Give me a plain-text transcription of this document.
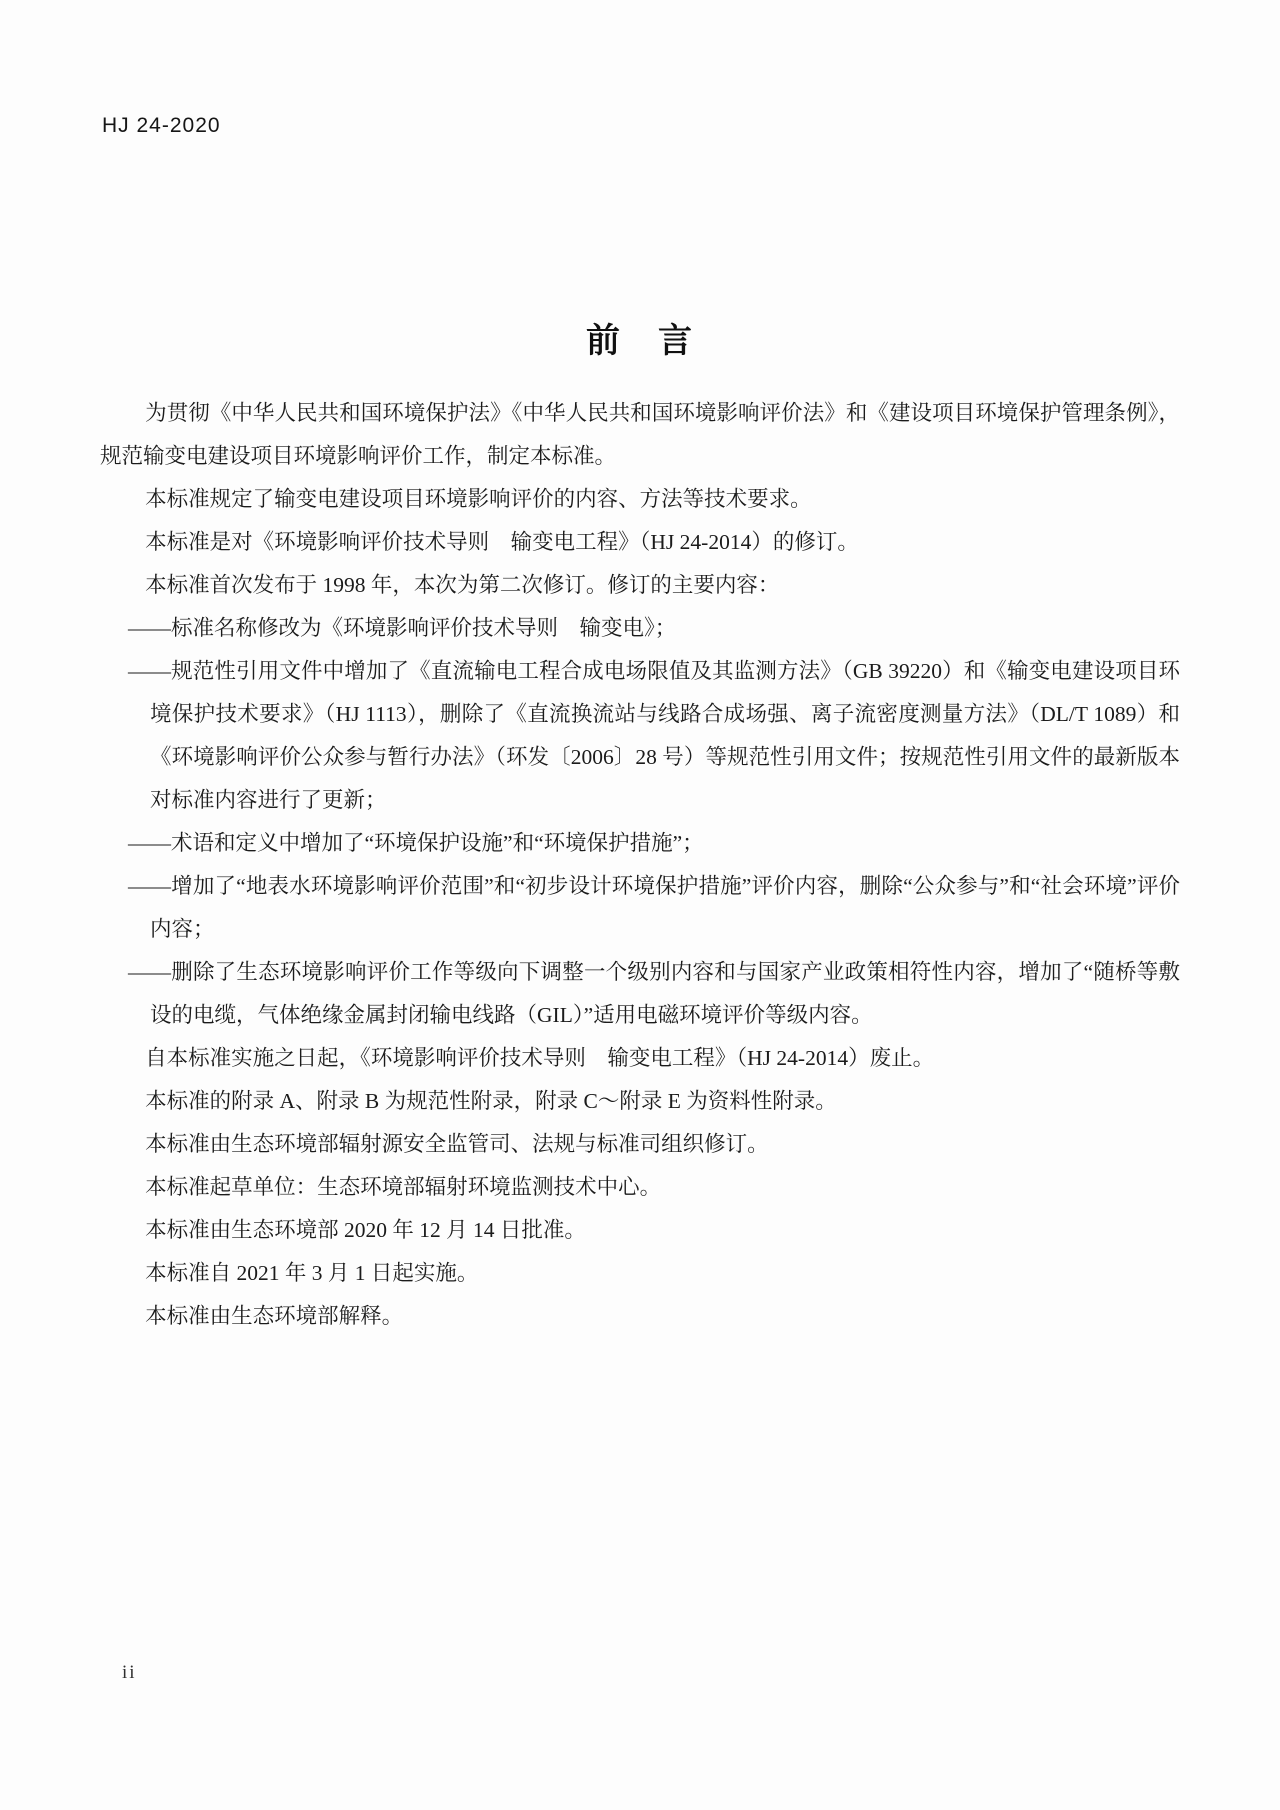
HJ 24-2020
前　言

为贯彻《中华人民共和国环境保护法》《中华人民共和国环境影响评价法》和《建设项目环境保护管理条例》，规范输变电建设项目环境影响评价工作，制定本标准。

本标准规定了输变电建设项目环境影响评价的内容、方法等技术要求。

本标准是对《环境影响评价技术导则　输变电工程》（HJ 24-2014）的修订。

本标准首次发布于 1998 年，本次为第二次修订。修订的主要内容：

——标准名称修改为《环境影响评价技术导则　输变电》；

——规范性引用文件中增加了《直流输电工程合成电场限值及其监测方法》（GB 39220）和《输变电建设项目环境保护技术要求》（HJ 1113），删除了《直流换流站与线路合成场强、离子流密度测量方法》（DL/T 1089）和《环境影响评价公众参与暂行办法》（环发〔2006〕28 号）等规范性引用文件；按规范性引用文件的最新版本对标准内容进行了更新；

——术语和定义中增加了“环境保护设施”和“环境保护措施”；

——增加了“地表水环境影响评价范围”和“初步设计环境保护措施”评价内容，删除“公众参与”和“社会环境”评价内容；

——删除了生态环境影响评价工作等级向下调整一个级别内容和与国家产业政策相符性内容，增加了“随桥等敷设的电缆，气体绝缘金属封闭输电线路（GIL）”适用电磁环境评价等级内容。

自本标准实施之日起，《环境影响评价技术导则　输变电工程》（HJ 24-2014）废止。

本标准的附录 A、附录 B 为规范性附录，附录 C～附录 E 为资料性附录。

本标准由生态环境部辐射源安全监管司、法规与标准司组织修订。

本标准起草单位：生态环境部辐射环境监测技术中心。

本标准由生态环境部 2020 年 12 月 14 日批准。

本标准自 2021 年 3 月 1 日起实施。

本标准由生态环境部解释。

ii
